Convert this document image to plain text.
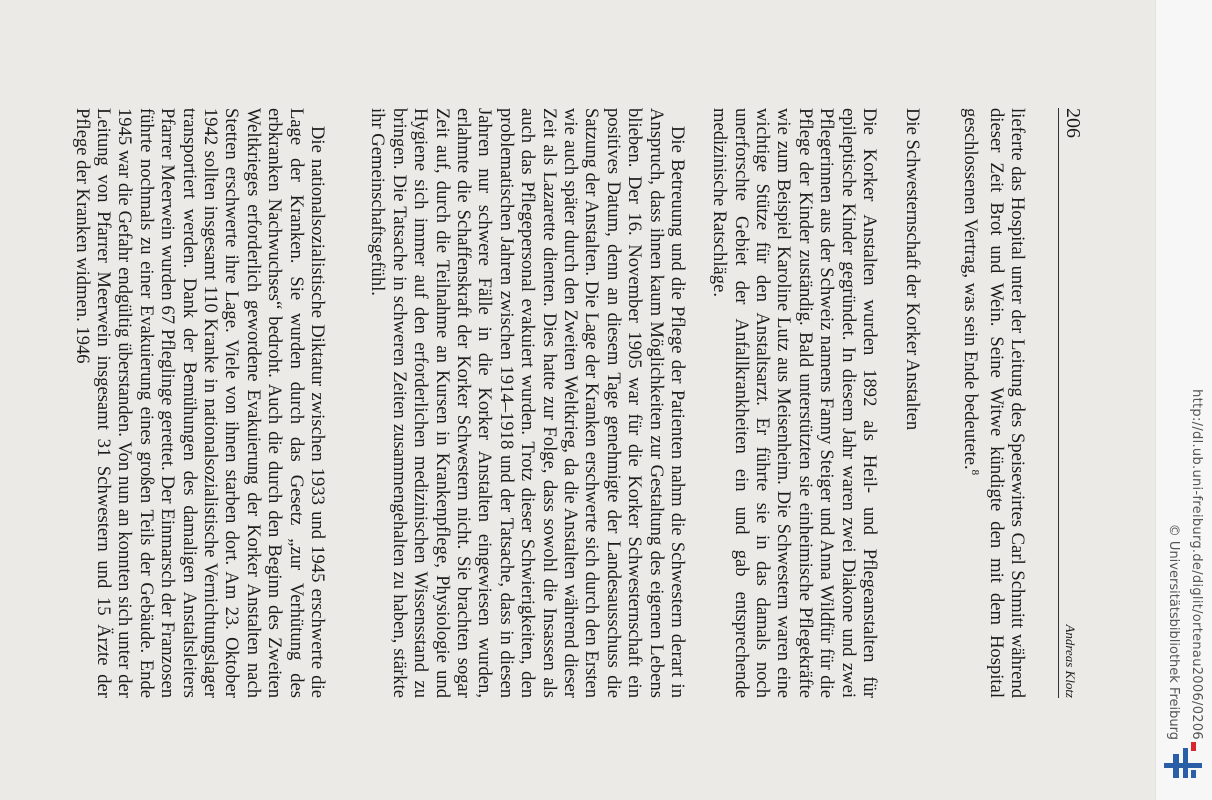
206
Andreas Klotz

lieferte das Hospital unter der Leitung des Speisewirtes Carl Schmitt während dieser Zeit Brot und Wein. Seine Witwe kündigte den mit dem Hospital geschlossenen Vertrag, was sein Ende bedeutete.$^8$

Die Schwesternschaft der Korker Anstalten

Die Korker Anstalten wurden 1892 als Heil- und Pflegeanstalten für epileptische Kinder gegründet. In diesem Jahr waren zwei Diakone und zwei Pflegerinnen aus der Schweiz namens Fanny Steiger und Anna Wildfür für die Pflege der Kinder zuständig. Bald unterstützten sie einheimische Pflegekräfte wie zum Beispiel Karoline Lutz aus Meisenheim. Die Schwestern waren eine wichtige Stütze für den Anstaltsarzt. Er führte sie in das damals noch unerforschte Gebiet der Anfallkrankheiten ein und gab entsprechende medizinische Ratschläge.

Die Betreuung und die Pflege der Patienten nahm die Schwestern derart in Anspruch, dass ihnen kaum Möglichkeiten zur Gestaltung des eigenen Lebens blieben. Der 16. November 1905 war für die Korker Schwesternschaft ein positives Datum, denn an diesem Tage genehmigte der Landesausschuss die Satzung der Anstalten. Die Lage der Kranken erschwerte sich durch den Ersten wie auch später durch den Zweiten Weltkrieg, da die Anstalten während dieser Zeit als Lazarette dienten. Dies hatte zur Folge, dass sowohl die Insassen als auch das Pflegepersonal evakuiert wurden. Trotz dieser Schwierigkeiten, den problematischen Jahren zwischen 1914–1918 und der Tatsache, dass in diesen Jahren nur schwere Fälle in die Korker Anstalten eingewiesen wurden, erlahmte die Schaffenskraft der Korker Schwestern nicht. Sie brachten sogar Zeit auf, durch die Teilnahme an Kursen in Krankenpflege, Physiologie und Hygiene sich immer auf den erforderlichen medizinischen Wissensstand zu bringen. Die Tatsache in schweren Zeiten zusammengehalten zu haben, stärkte ihr Gemeinschaftsgefühl.

Die nationalsozialistische Diktatur zwischen 1933 und 1945 erschwerte die Lage der Kranken. Sie wurden durch das Gesetz „zur Verhütung des erbkranken Nachwuchses“ bedroht. Auch die durch den Beginn des Zweiten Weltkrieges erforderlich gewordene Evakuierung der Korker Anstalten nach Stetten erschwerte ihre Lage. Viele von ihnen starben dort. Am 23. Oktober 1942 sollten insgesamt 110 Kranke in nationalsozialistische Vernichtungslager transportiert werden. Dank der Bemühungen des damaligen Anstaltsleiters Pfarrer Meerwein wurden 67 Pfleglinge gerettet. Der Einmarsch der Franzosen führte nochmals zu einer Evakuierung eines großen Teils der Gebäude. Ende 1945 war die Gefahr endgültig überstanden. Von nun an konnten sich unter der Leitung von Pfarrer Meerwein insgesamt 31 Schwestern und 15 Ärzte der Pflege der Kranken widmen. 1946

http://dl.ub.uni-freiburg.de/diglit/ortenau2006/0206
© Universitätsbibliothek Freiburg
